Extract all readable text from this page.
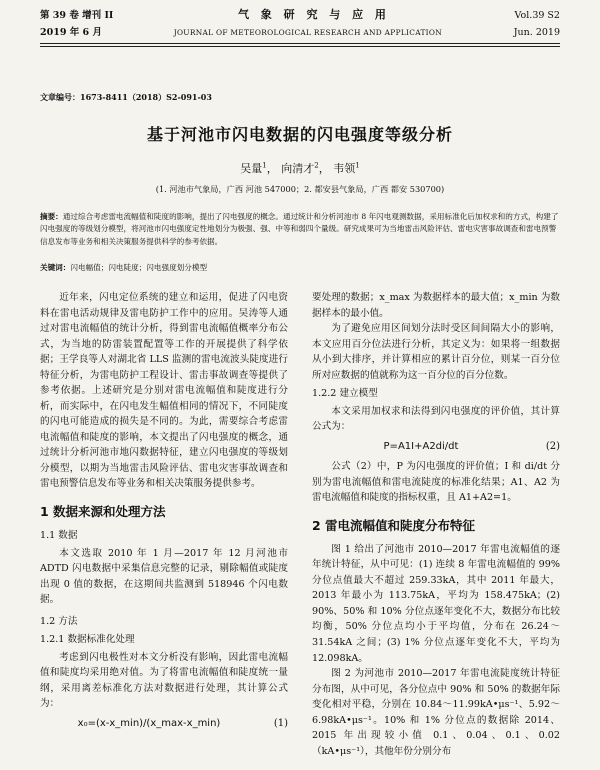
第 39 卷 增刊 II	气 象 研 究 与 应 用	Vol.39 S2
2019 年 6 月	JOURNAL OF METEOROLOGICAL RESEARCH AND APPLICATION	Jun. 2019
文章编号：1673-8411（2018）S2-091-03
基于河池市闪电数据的闪电强度等级分析
吴量$^1$， 向清才$^2$， 韦领$^1$
(1. 河池市气象局，广西 河池 547000；2. 都安县气象局，广西 都安 530700)
摘要：通过综合考虑雷电流幅值和陡度的影响，提出了闪电强度的概念。通过统计和分析河池市 8 年闪电观测数据，采用标准化后加权求和的方式，构建了闪电强度的等级划分模型，将河池市闪电强度定性地划分为极强、强、中等和弱四个量级。研究成果可为当地雷击风险评估、雷电灾害事故调查和雷电预警信息发布等业务和相关决策服务提供科学的参考依据。
关键词：闪电幅值；闪电陡度；闪电强度划分模型

近年来，闪电定位系统的建立和运用，促进了闪电资料在雷电活动规律及雷电防护工作中的应用。吴涛等人通过对雷电流幅值的统计分析，得到雷电流幅值概率分布公式，为当地的防雷装置配置等工作的开展提供了科学依据；王学良等人对湖北省 LLS 监测的雷电流波头陡度进行特征分析，为雷电防护工程设计、雷击事故调查等提供了参考依据。上述研究是分别对雷电流幅值和陡度进行分析，而实际中，在闪电发生幅值相同的情况下，不同陡度的闪电可能造成的损失是不同的。为此，需要综合考虑雷电流幅值和陡度的影响，本文提出了闪电强度的概念，通过统计分析河池市地闪数据特征，建立闪电强度的等级划分模型，以期为当地雷击风险评估、雷电灾害事故调查和雷电预警信息发布等业务和相关决策服务提供参考。

1 数据来源和处理方法
1.1 数据

本文选取 2010 年 1 月—2017 年 12 月河池市 ADTD 闪电数据中采集信息完整的记录，剔除幅值或陡度出现 0 值的数据，在这期间共监测到 518946 个闪电数据。

1.2 方法
1.2.1 数据标准化处理

考虑到闪电极性对本文分析没有影响，因此雷电流幅值和陡度均采用绝对值。为了将雷电流幅值和陡度统一量纲，采用离差标准化方法对数据进行处理，其计算公式为：

x₀=(x-x_min)/(x_max-x_min)	(1)

要处理的数据；x_max 为数据样本的最大值；x_min 为数据样本的最小值。

为了避免应用区间划分法时受区间间隔大小的影响，本文应用百分位法进行分析，其定义为：如果将一组数据从小到大排序，并计算相应的累计百分位，则某一百分位所对应数据的值就称为这一百分位的百分位数。

1.2.2 建立模型

本文采用加权求和法得到闪电强度的评价值，其计算公式为：

P=A1I+A2di/dt	(2)

公式（2）中，P 为闪电强度的评价值；I 和 di/dt 分别为雷电流幅值和雷电流陡度的标准化结果；A1、A2 为雷电流幅值和陡度的指标权重，且 A1+A2=1。

2 雷电流幅值和陡度分布特征

图 1 给出了河池市 2010—2017 年雷电流幅值的逐年统计特征，从中可见：(1) 连续 8 年雷电流幅值的 99% 分位点值最大不超过 259.33kA，其中 2011 年最大，2013 年最小为 113.75kA，平均为 158.475kA；(2) 90%、50% 和 10% 分位点逐年变化不大，数据分布比较均衡，50% 分位点均小于平均值，分布在 26.24～31.54kA 之间；(3) 1% 分位点逐年变化不大，平均为 12.098kA。

图 2 为河池市 2010—2017 年雷电流陡度统计特征分布图，从中可见，各分位点中 90% 和 50% 的数据年际变化相对平稳，分别在 10.84～11.99kA•μs⁻¹、5.92～6.98kA•μs⁻¹。10% 和 1% 分位点的数据除 2014、2015 年出现较小值 0.1、0.04、0.1、0.02（kA•μs⁻¹），其他年份分别分布
